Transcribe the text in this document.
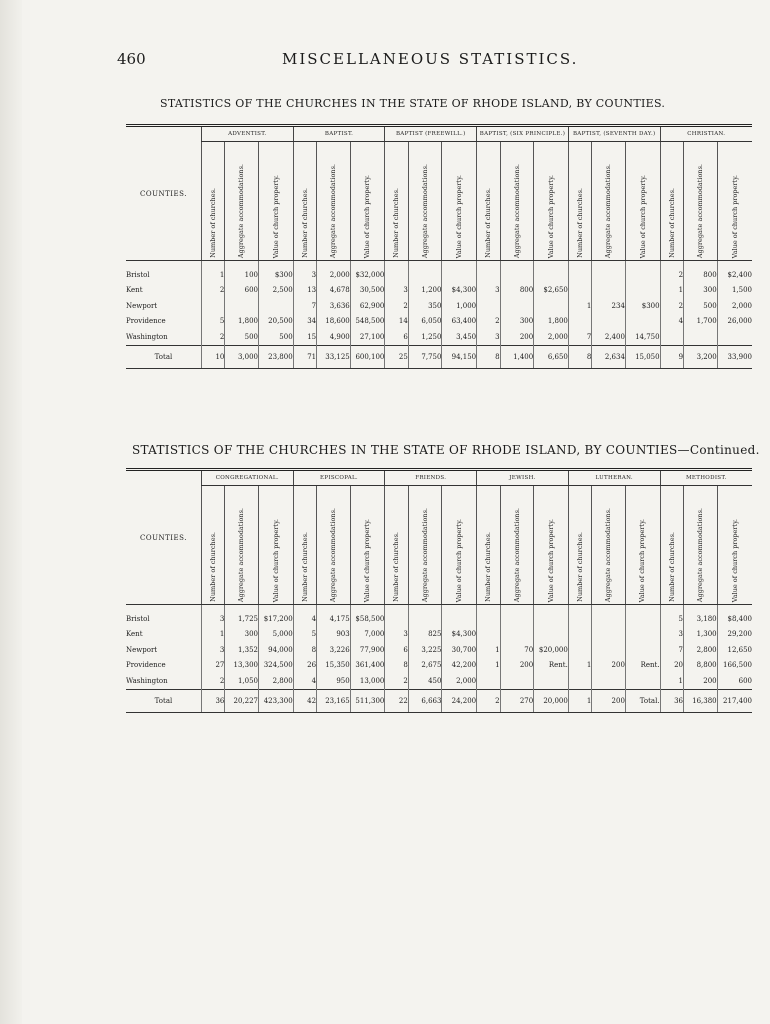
460	MISCELLANEOUS STATISTICS.
STATISTICS OF THE CHURCHES IN THE STATE OF RHODE ISLAND, BY COUNTIES.
COUNTIES.	ADVENTIST.			BAPTIST.			BAPTIST (FREEWILL.)			BAPTIST, (SIX PRINCIPLE.)			BAPTIST, (SEVENTH DAY.)			CHRISTIAN.		
	Number of churches.	Aggregate accommodations.	Value of church property.	Number of churches.	Aggregate accommodations.	Value of church property.	Number of churches.	Aggregate accommodations.	Value of church property.	Number of churches.	Aggregate accommodations.	Value of church property.	Number of churches.	Aggregate accommodations.	Value of church property.	Number of churches.	Aggregate accommodations.	Value of church property.
Bristol	1	100	$300	3	2,000	$32,000										2	800	$2,400
Kent	2	600	2,500	13	4,678	30,500	3	1,200	$4,300	3	800	$2,650				1	300	1,500
Newport				7	3,636	62,900	2	350	1,000				1	234	$300	2	500	2,000
Providence	5	1,800	20,500	34	18,600	548,500	14	6,050	63,400	2	300	1,800				4	1,700	26,000
Washington	2	500	500	15	4,900	27,100	6	1,250	3,450	3	200	2,000	7	2,400	14,750			
Total	10	3,000	23,800	71	33,125	600,100	25	7,750	94,150	8	1,400	6,650	8	2,634	15,050	9	3,200	33,900
STATISTICS OF THE CHURCHES IN THE STATE OF RHODE ISLAND, BY COUNTIES—Continued.
COUNTIES.	CONGREGATIONAL.			EPISCOPAL.			FRIENDS.			JEWISH.			LUTHERAN.			METHODIST.		
	Number of churches.	Aggregate accommodations.	Value of church property.	Number of churches.	Aggregate accommodations.	Value of church property.	Number of churches.	Aggregate accommodations.	Value of church property.	Number of churches.	Aggregate accommodations.	Value of church property.	Number of churches.	Aggregate accommodations.	Value of church property.	Number of churches.	Aggregate accommodations.	Value of church property.
Bristol	3	1,725	$17,200	4	4,175	$58,500										5	3,180	$8,400
Kent	1	300	5,000	5	903	7,000	3	825	$4,300							3	1,300	29,200
Newport	3	1,352	94,000	8	3,226	77,900	6	3,225	30,700	1	70	$20,000				7	2,800	12,650
Providence	27	13,300	324,500	26	15,350	361,400	8	2,675	42,200	1	200	Rent.	1	200	Rent.	20	8,800	166,500
Washington	2	1,050	2,800	4	950	13,000	2	450	2,000							1	200	600
Total	36	20,227	423,300	42	23,165	511,300	22	6,663	24,200	2	270	20,000	1	200	Total.	36	16,380	217,400
